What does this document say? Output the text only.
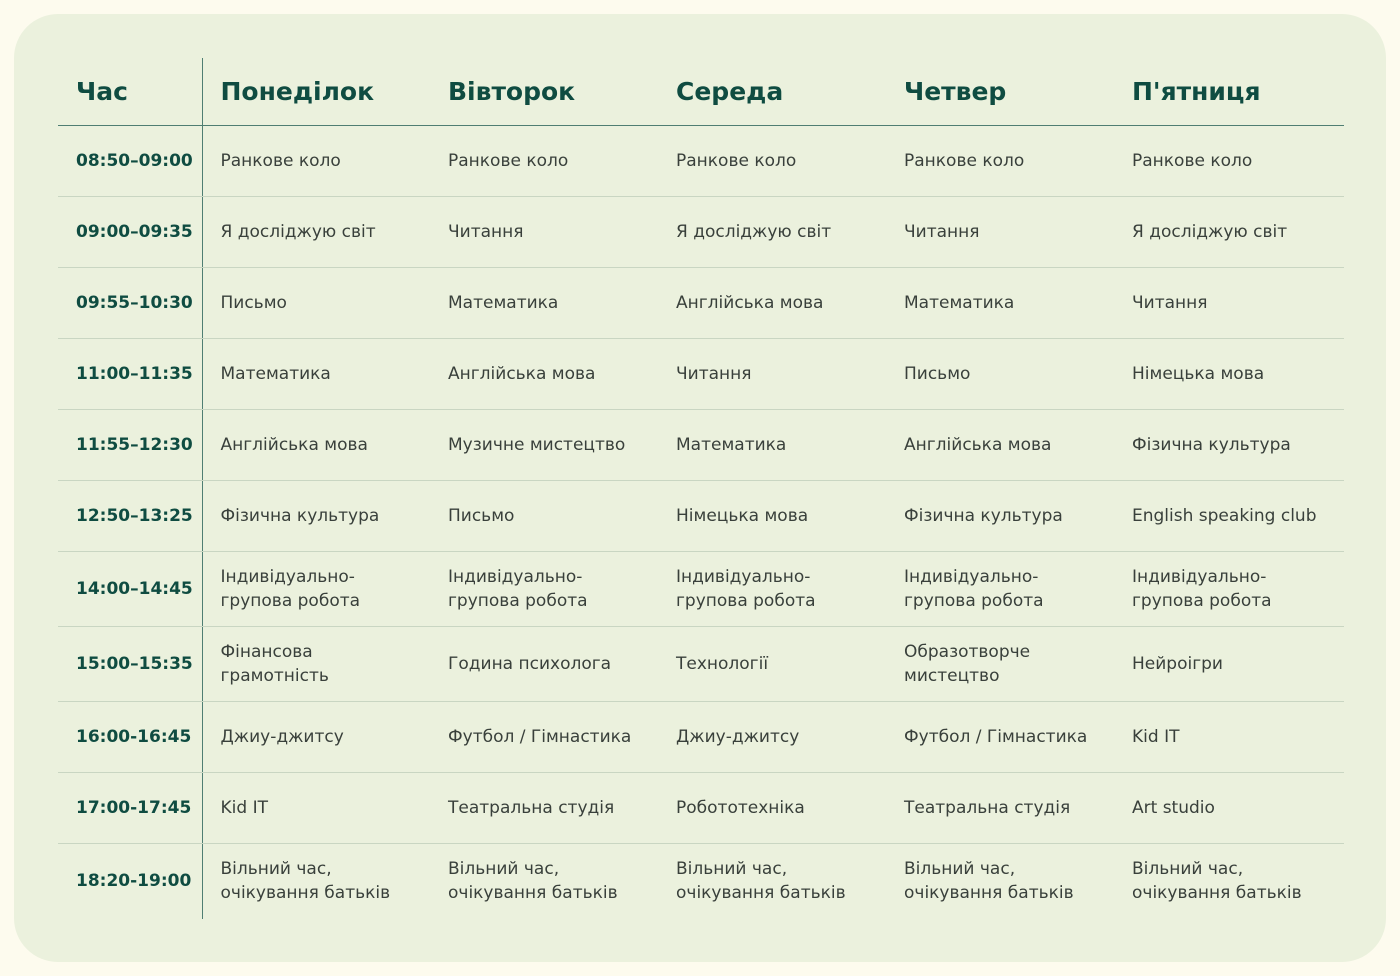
Час	Понеділок	Вівторок	Середа	Четвер	П'ятниця
08:50–09:00	Ранкове коло	Ранкове коло	Ранкове коло	Ранкове коло	Ранкове коло
09:00–09:35	Я досліджую світ	Читання	Я досліджую світ	Читання	Я досліджую світ
09:55–10:30	Письмо	Математика	Англійська мова	Математика	Читання
11:00–11:35	Математика	Англійська мова	Читання	Письмо	Німецька мова
11:55–12:30	Англійська мова	Музичне мистецтво	Математика	Англійська мова	Фізична культура
12:50–13:25	Фізична культура	Письмо	Німецька мова	Фізична культура	English speaking club
14:00–14:45	Індивідуально-групова робота	Індивідуально-групова робота	Індивідуально-групова робота	Індивідуально-групова робота	Індивідуально-групова робота
15:00–15:35	Фінансова грамотність	Година психолога	Технології	Образотворче мистецтво	Нейроігри
16:00-16:45	Джиу-джитсу	Футбол / Гімнастика	Джиу-джитсу	Футбол / Гімнастика	Kid IT
17:00-17:45	Kid IT	Театральна студія	Робототехніка	Театральна студія	Art studio
18:20-19:00	Вільний час, очікування батьків	Вільний час, очікування батьків	Вільний час, очікування батьків	Вільний час, очікування батьків	Вільний час, очікування батьків
